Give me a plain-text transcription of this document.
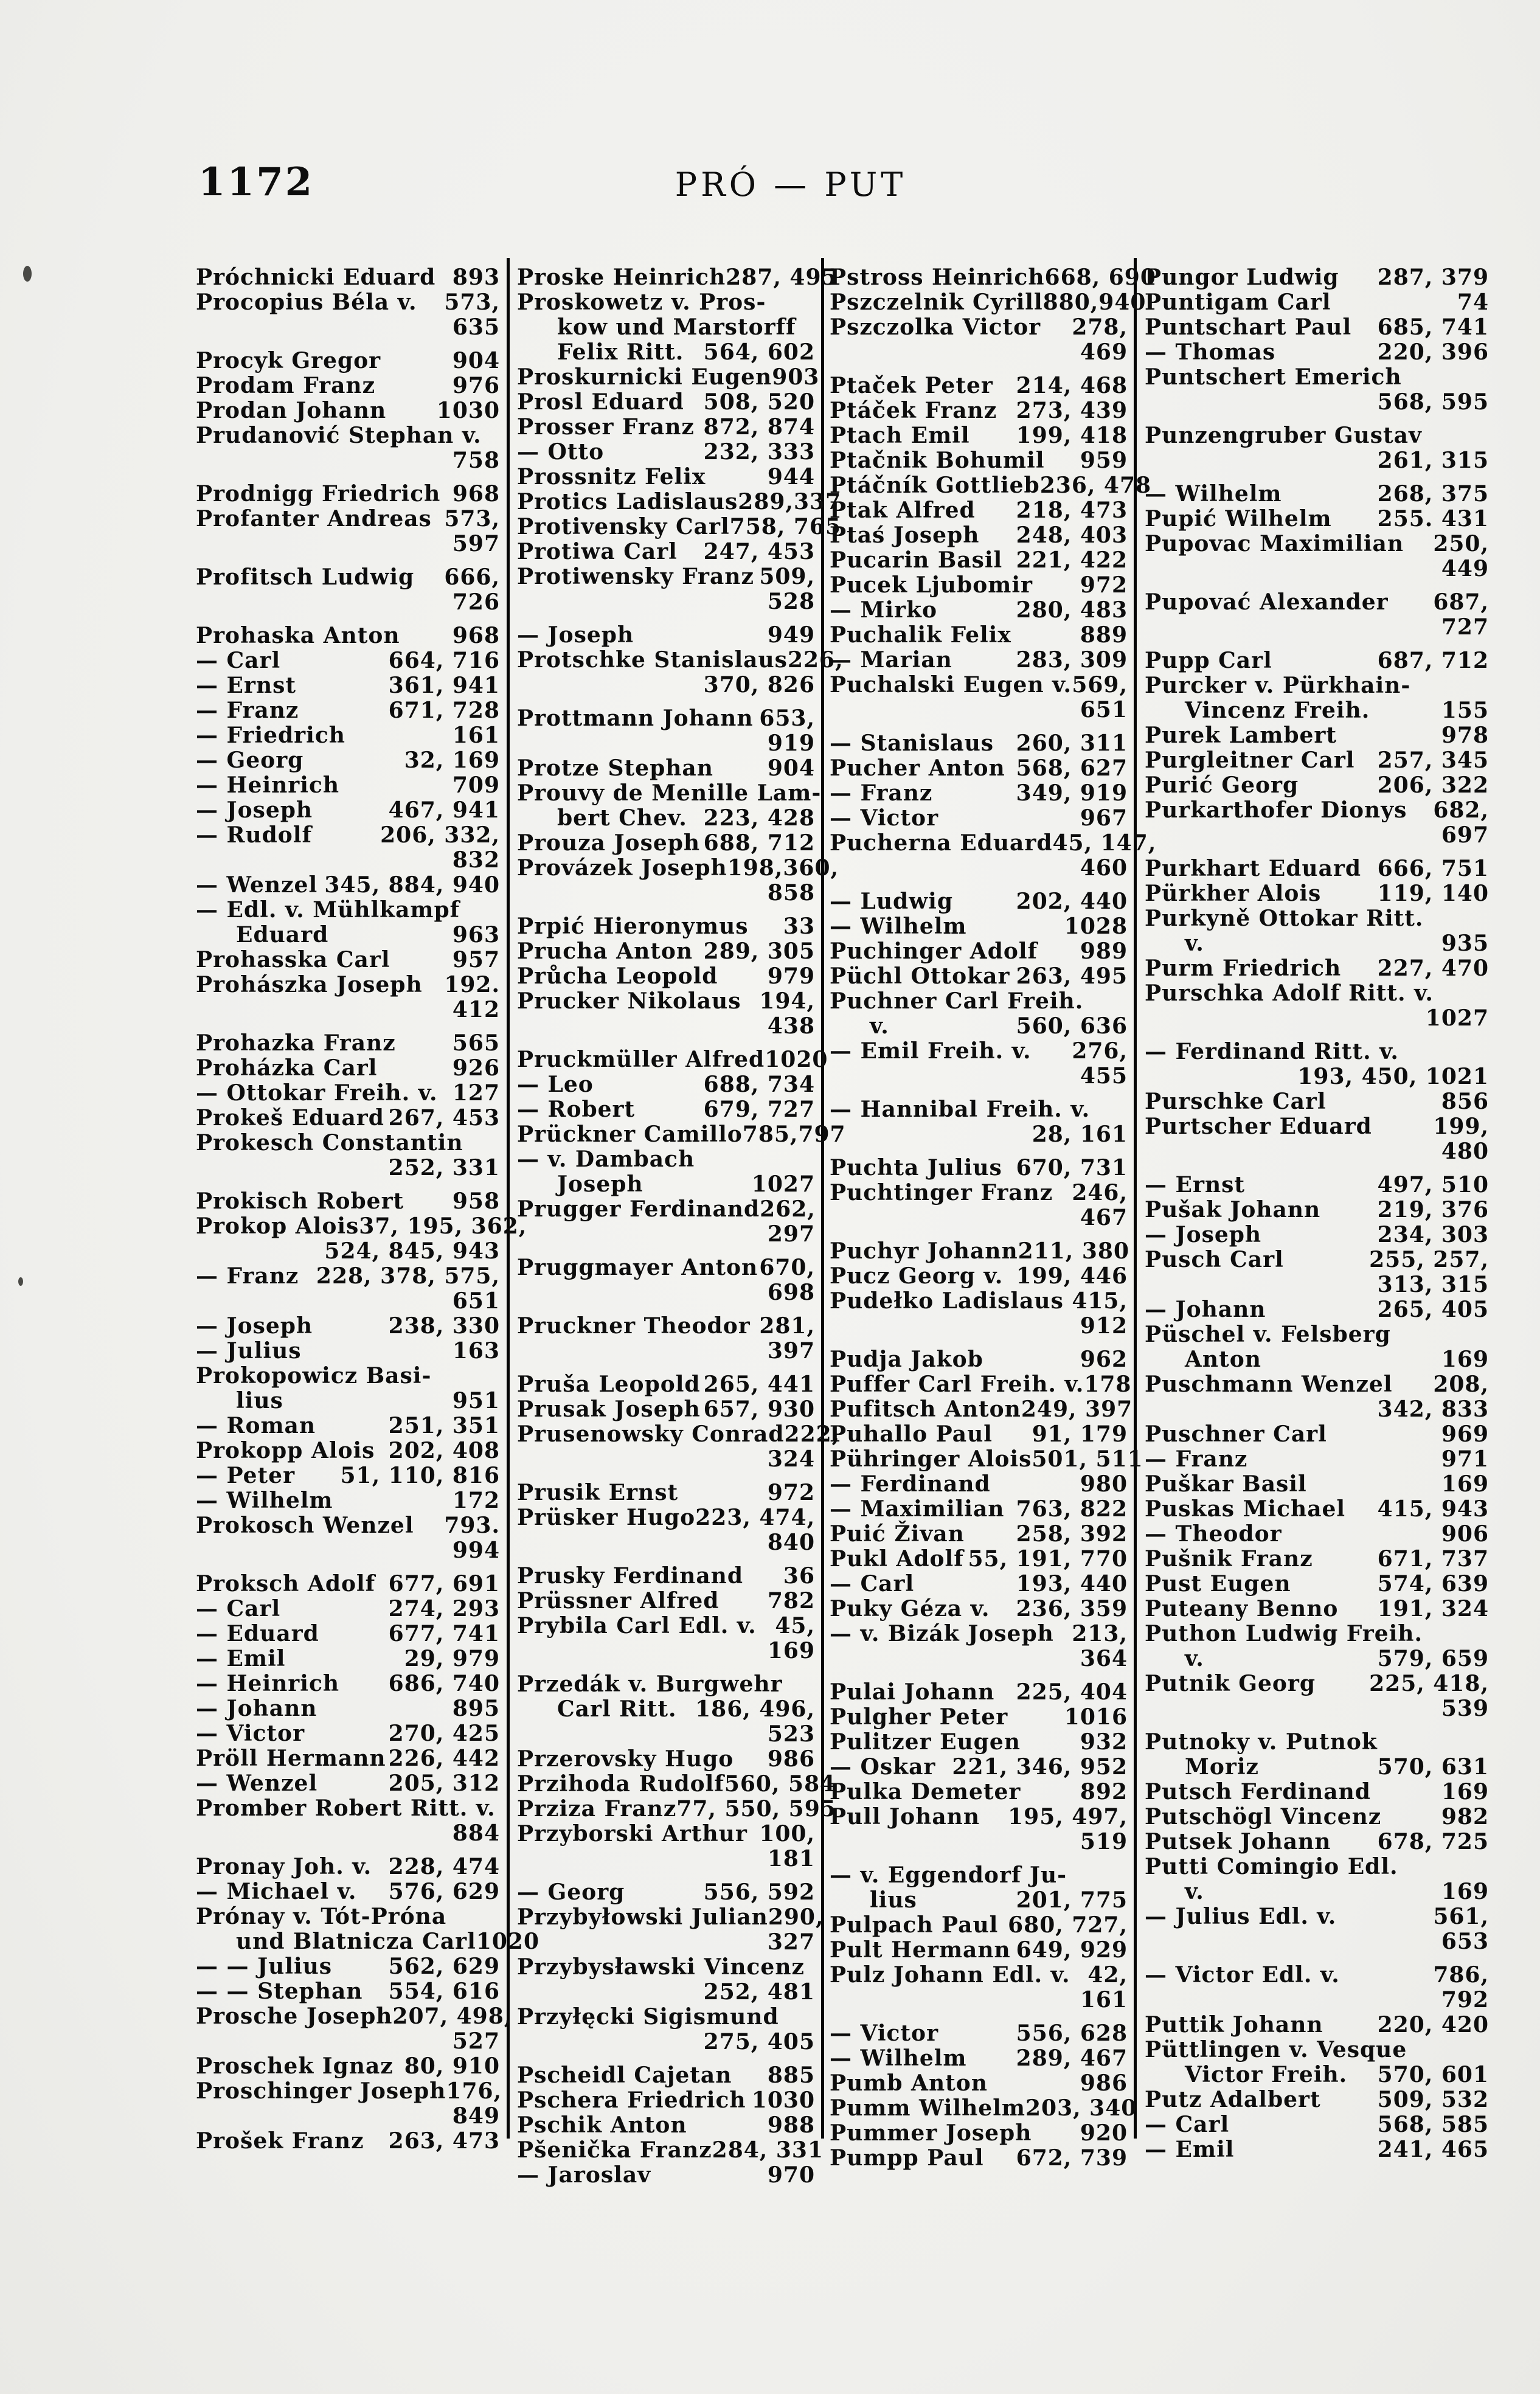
1172	PRÓ — PUT
Próchnicki Eduard 893
Procopius Béla v.	573,
635
Procyk Gregor	904
Prodam Franz	976
Prodan Johann	1030
Prudanović Stephan v.
758
Prodnigg Friedrich 968
Profanter Andreas 573,
597
Profitsch Ludwig	666,
726
Prohaska Anton	968
— Carl	664, 716
— Ernst	361, 941
— Franz	671, 728
— Friedrich	161
— Georg	32, 169
— Heinrich	709
— Joseph	467, 941
— Rudolf	206, 332,
832
— Wenzel 345, 884, 940
— Edl. v. Mühlkampf
Eduard	963
Prohasska Carl	957
Prohászka Joseph 192.
412
Prohazka Franz	565
Proházka Carl	926
— Ottokar Freih. v. 127
Prokeš Eduard 267, 453
Prokesch Constantin
252, 331
Prokisch Robert	958
Prokop Alois 37, 195, 362,
524, 845, 943
— Franz 228, 378, 575,
651
— Joseph	238, 330
— Julius	163
Prokopowicz Basi-
lius	951
— Roman	251, 351
Prokopp Alois 202, 408
— Peter	51, 110, 816
— Wilhelm	172
Prokosch Wenzel	793.
994
Proksch Adolf 677, 691
— Carl	274, 293
— Eduard	677, 741
— Emil	29, 979
— Heinrich	686, 740
— Johann	895
— Victor	270, 425
Pröll Hermann 226, 442
— Wenzel	205, 312
Promber Robert Ritt. v.
884
Pronay Joh. v. 228, 474
— Michael v.	576, 629
Prónay v. Tót-Próna
und Blatnicza Carl 1020
— — Julius	562, 629
— — Stephan	554, 616
Prosche Joseph 207, 498,
527
Proschek Ignaz 80, 910
Proschinger Joseph 176,
849
Prošek Franz	263, 473
Proske Heinrich 287, 495
Proskowetz v. Pros-
kow und Marstorff
Felix Ritt. 564, 602
Proskurnicki Eugen 903
Prosl Eduard 508, 520
Prosser Franz 872, 874
— Otto	232, 333
Prossnitz Felix	944
Protics Ladislaus 289,337
Protivensky Carl 758, 765
Protiwa Carl	247, 453
Protiwensky Franz 509,
528
— Joseph	949
Protschke Stanislaus 226,
370, 826
Prottmann Johann 653,
919
Protze Stephan	904
Prouvy de Menille Lam-
bert Chev. 223, 428
Prouza Joseph 688, 712
Provázek Joseph 198,360,
858
Prpić Hieronymus	33
Prucha Anton 289, 305
Průcha Leopold	979
Prucker Nikolaus 194,
438
Pruckmüller Alfred 1020
— Leo	688, 734
— Robert	679, 727
Prückner Camillo 785,797
— v. Dambach
Joseph	1027
Prugger Ferdinand 262,
297
Pruggmayer Anton 670,
698
Pruckner Theodor 281,
397
Pruša Leopold 265, 441
Prusak Joseph 657, 930
Prusenowsky Conrad 222,
324
Prusik Ernst	972
Prüsker Hugo 223, 474,
840
Prusky Ferdinand	36
Prüssner Alfred	782
Prybila Carl Edl. v. 45,
169
Przedák v. Burgwehr
Carl Ritt. 186, 496,
523
Przerovsky Hugo	986
Przihoda Rudolf 560, 584
Prziza Franz 77, 550, 595
Przyborski Arthur 100,
181
— Georg	556, 592
Przybyłowski Julian 290,
327
Przybysławski Vincenz
252, 481
Przyłęcki Sigismund
275, 405
Pscheidl Cajetan	885
Pschera Friedrich 1030
Pschik Anton	988
Pšenička Franz 284, 331
— Jaroslav	970
Pstross Heinrich 668, 690
Pszczelnik Cyrill 880,940
Pszczolka Victor	278,
469
Ptaček Peter	214, 468
Ptáček Franz 273, 439
Ptach Emil	199, 418
Ptačnik Bohumil	959
Ptáčník Gottlieb 236, 478
Ptak Alfred	218, 473
Ptaś Joseph	248, 403
Pucarin Basil 221, 422
Pucek Ljubomir	972
— Mirko	280, 483
Puchalik Felix	889
— Marian	283, 309
Puchalski Eugen v. 569,
651
— Stanislaus	260, 311
Pucher Anton 568, 627
— Franz	349, 919
— Victor	967
Pucherna Eduard 45, 147,
460
— Ludwig	202, 440
— Wilhelm	1028
Puchinger Adolf	989
Püchl Ottokar 263, 495
Puchner Carl Freih.
v.	560, 636
— Emil Freih. v.	276,
455
— Hannibal Freih. v.
28, 161
Puchta Julius 670, 731
Puchtinger Franz 246,
467
Puchyr Johann 211, 380
Pucz Georg v. 199, 446
Pudełko Ladislaus 415,
912
Pudja Jakob	962
Puffer Carl Freih. v. 178
Pufitsch Anton 249, 397
Puhallo Paul	91, 179
Pühringer Alois 501, 511
— Ferdinand	980
— Maximilian 763, 822
Puić Živan	258, 392
Pukl Adolf 55, 191, 770
— Carl	193, 440
Puky Géza v.	236, 359
— v. Bizák Joseph 213,
364
Pulai Johann 225, 404
Pulgher Peter	1016
Pulitzer Eugen	932
— Oskar 221, 346, 952
Pulka Demeter	892
Pull Johann	195, 497,
519
— v. Eggendorf Ju-
lius	201, 775
Pulpach Paul 680, 727,
Pult Hermann 649, 929
Pulz Johann Edl. v. 42,
161
— Victor	556, 628
— Wilhelm	289, 467
Pumb Anton	986
Pumm Wilhelm 203, 340
Pummer Joseph	920
Pumpp Paul	672, 739
Pungor Ludwig	287, 379
Puntigam Carl	74
Puntschart Paul	685, 741
— Thomas	220, 396
Puntschert Emerich
568, 595
Punzengruber Gustav
261, 315
— Wilhelm	268, 375
Pupić Wilhelm	255. 431
Pupovac Maximilian	250,
449
Pupovać Alexander	687,
727
Pupp Carl	687, 712
Purcker v. Pürkhain-
Vincenz Freih.	155
Purek Lambert	978
Purgleitner Carl	257, 345
Purić Georg	206, 322
Purkarthofer Dionys	682,
697
Purkhart Eduard 666, 751
Pürkher Alois	119, 140
Purkyně Ottokar Ritt.
v.	935
Purm Friedrich	227, 470
Purschka Adolf Ritt. v.
1027
— Ferdinand Ritt. v.
193, 450, 1021
Purschke Carl	856
Purtscher Eduard	199,
480
— Ernst	497, 510
Pušak Johann	219, 376
— Joseph	234, 303
Pusch Carl	255, 257,
313, 315
— Johann	265, 405
Püschel v. Felsberg
Anton	169
Puschmann Wenzel	208,
342, 833
Puschner Carl	969
— Franz	971
Puškar Basil	169
Puskas Michael	415, 943
— Theodor	906
Pušnik Franz	671, 737
Pust Eugen	574, 639
Puteany Benno	191, 324
Puthon Ludwig Freih.
v.	579, 659
Putnik Georg	225, 418,
539
Putnoky v. Putnok
Moriz	570, 631
Putsch Ferdinand	169
Putschögl Vincenz	982
Putsek Johann	678, 725
Putti Comingio Edl.
v.	169
— Julius Edl. v.	561,
653
— Victor Edl. v.	786,
792
Puttik Johann	220, 420
Püttlingen v. Vesque
Victor Freih.	570, 601
Putz Adalbert	509, 532
— Carl	568, 585
— Emil	241, 465
